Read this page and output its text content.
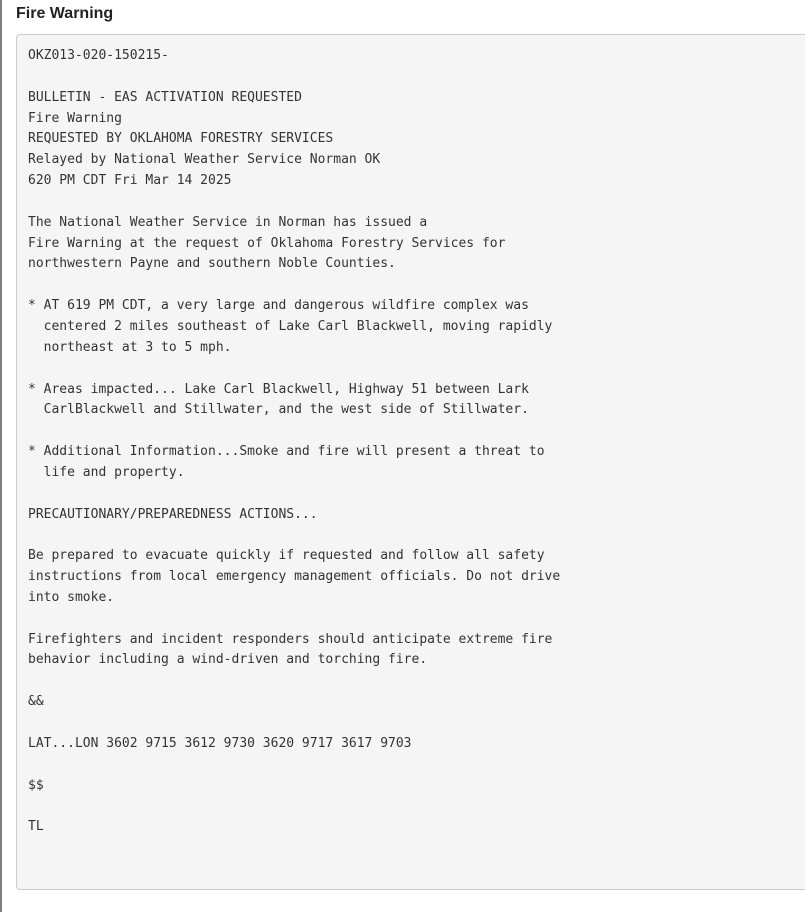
Fire Warning
OKZ013-020-150215-

BULLETIN - EAS ACTIVATION REQUESTED
Fire Warning
REQUESTED BY OKLAHOMA FORESTRY SERVICES
Relayed by National Weather Service Norman OK
620 PM CDT Fri Mar 14 2025

The National Weather Service in Norman has issued a
Fire Warning at the request of Oklahoma Forestry Services for
northwestern Payne and southern Noble Counties.

* AT 619 PM CDT, a very large and dangerous wildfire complex was
centered 2 miles southeast of Lake Carl Blackwell, moving rapidly
northeast at 3 to 5 mph.

* Areas impacted... Lake Carl Blackwell, Highway 51 between Lark
CarlBlackwell and Stillwater, and the west side of Stillwater.

* Additional Information...Smoke and fire will present a threat to
life and property.

PRECAUTIONARY/PREPAREDNESS ACTIONS...

Be prepared to evacuate quickly if requested and follow all safety
instructions from local emergency management officials. Do not drive
into smoke.

Firefighters and incident responders should anticipate extreme fire
behavior including a wind-driven and torching fire.

&&

LAT...LON 3602 9715 3612 9730 3620 9717 3617 9703

$$

TL
